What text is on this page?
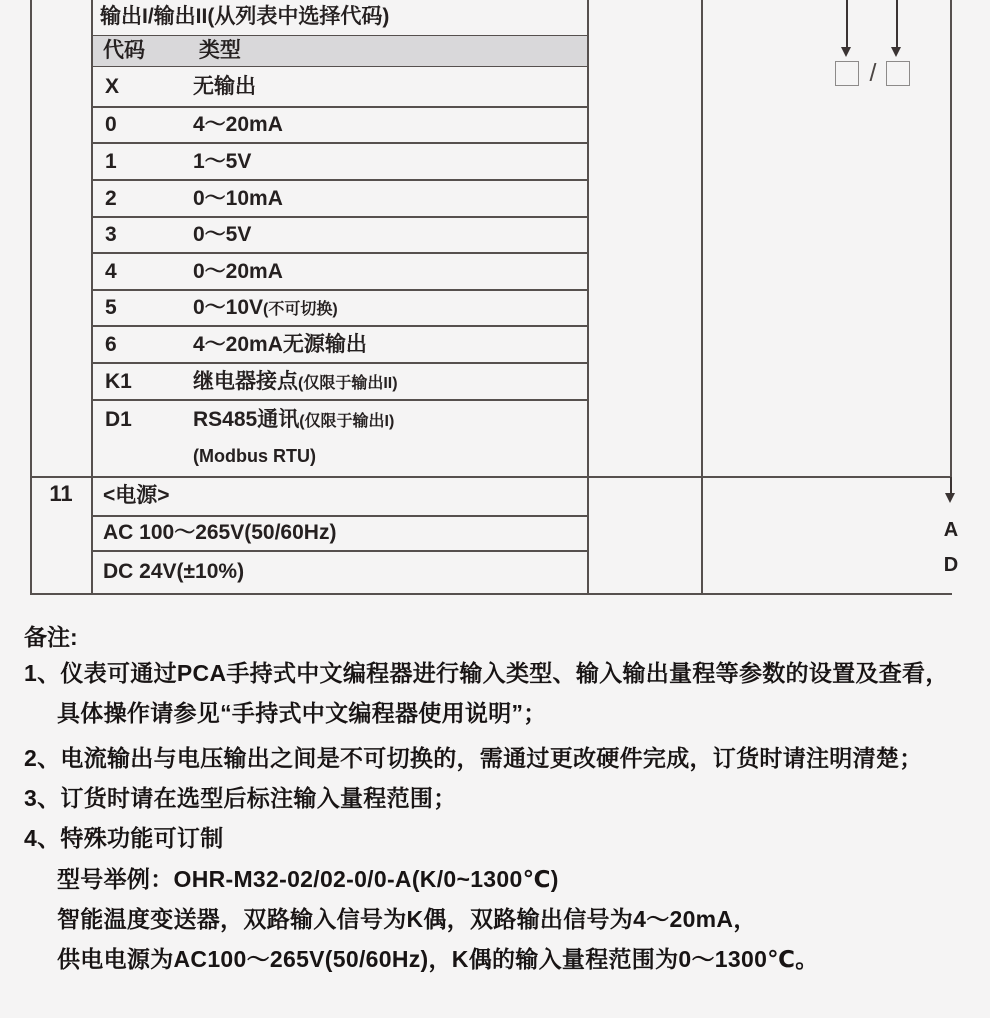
输出I/输出II(从列表中选择代码)
代码	类型
X	无输出
0	4～20mA
1	1～5V
2	0～10mA
3	0～5V
4	0～20mA
5	0～10V(不可切换)
6	4～20mA无源输出
K1	继电器接点(仅限于输出II)
D1	RS485通讯(仅限于输出I)
(Modbus RTU)
11	<电源>
AC 100～265V(50/60Hz)
DC 24V(±10%)
/
A
D
备注:
1、仪表可通过PCA手持式中文编程器进行输入类型、输入输出量程等参数的设置及查看，
具体操作请参见“手持式中文编程器使用说明”；
2、电流输出与电压输出之间是不可切换的，需通过更改硬件完成，订货时请注明清楚；
3、订货时请在选型后标注输入量程范围；
4、特殊功能可订制
型号举例：OHR-M32-02/02-0/0-A(K/0~1300℃)
智能温度变送器，双路输入信号为K偶，双路输出信号为4～20mA，
供电电源为AC100～265V(50/60Hz)，K偶的输入量程范围为0～1300℃。
